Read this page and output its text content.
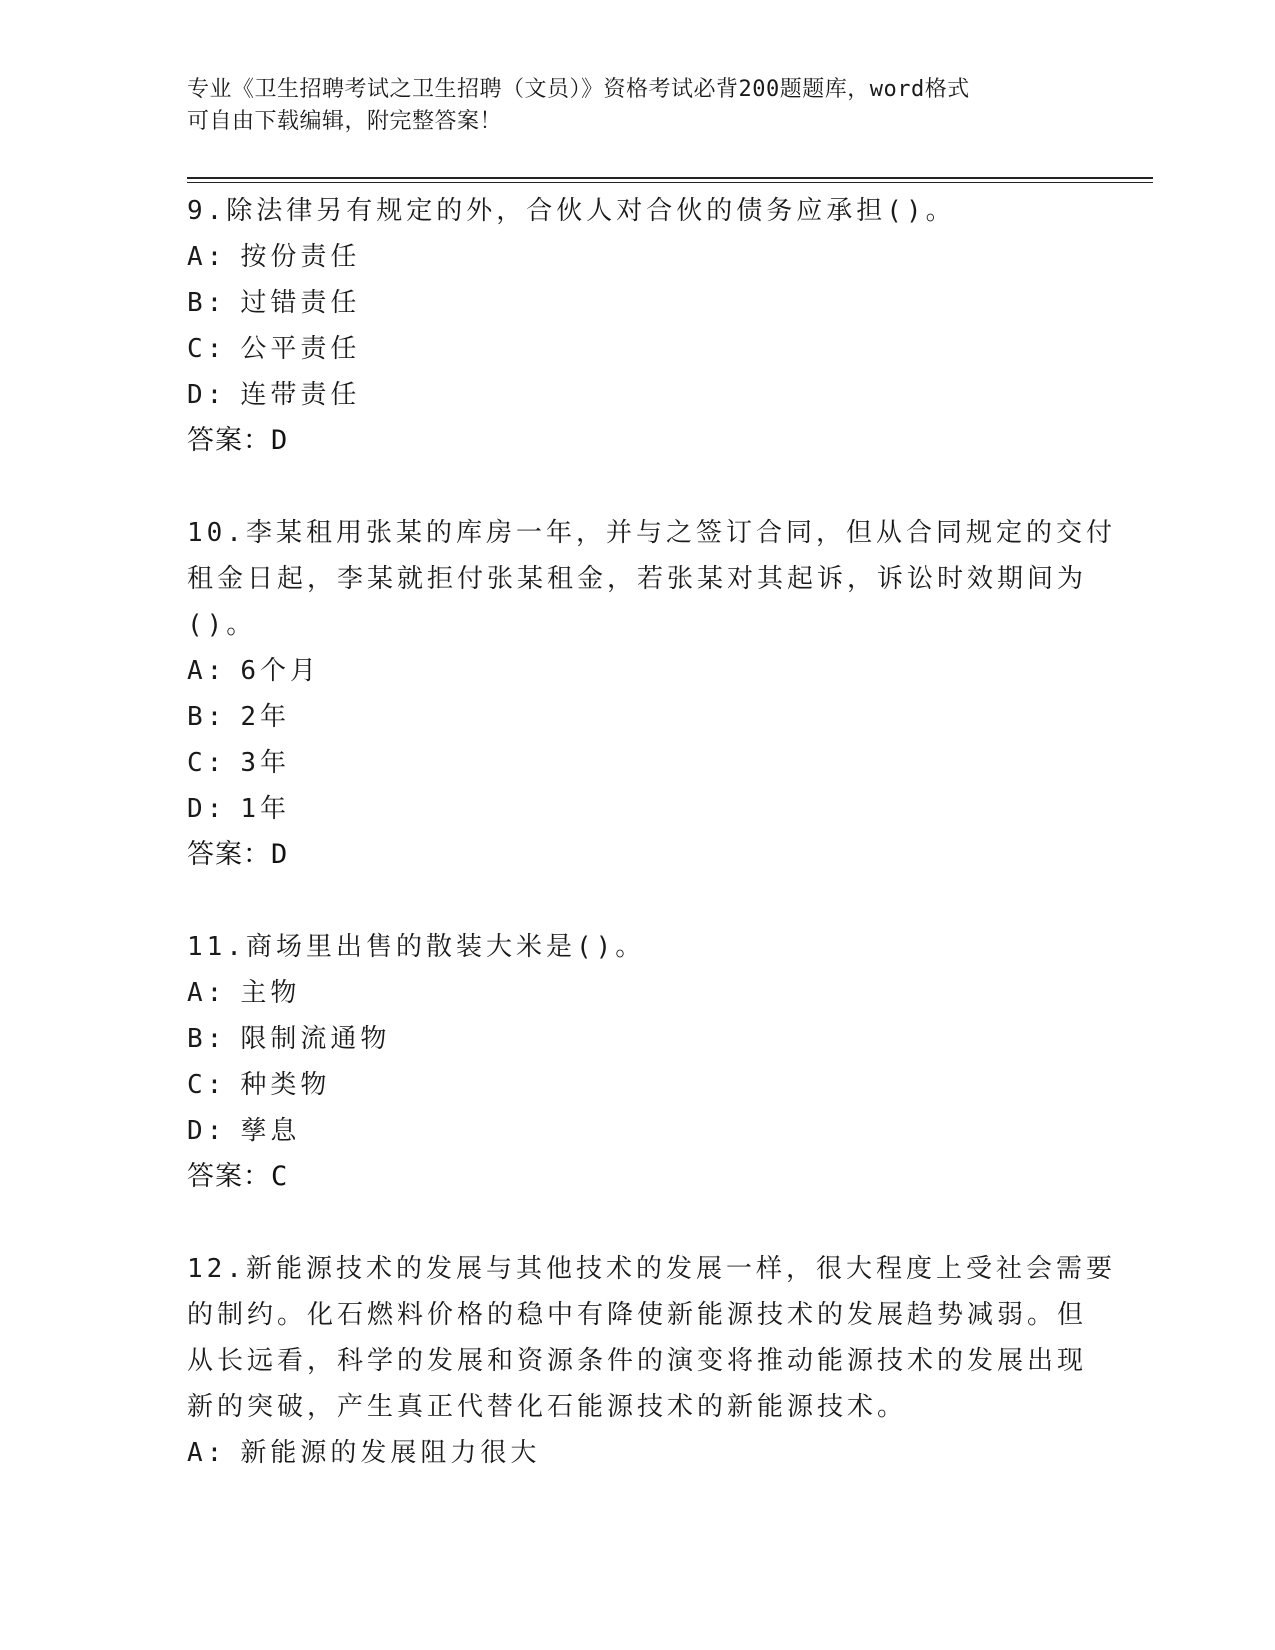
专业《卫生招聘考试之卫生招聘（文员）》资格考试必背200题题库，word格式
可自由下载编辑，附完整答案！
9.除法律另有规定的外，合伙人对合伙的债务应承担()。
A: 按份责任
B: 过错责任
C: 公平责任
D: 连带责任
答案：D
10.李某租用张某的库房一年，并与之签订合同，但从合同规定的交付
租金日起，李某就拒付张某租金，若张某对其起诉，诉讼时效期间为
()。
A: 6个月
B: 2年
C: 3年
D: 1年
答案：D
11.商场里出售的散装大米是()。
A: 主物
B: 限制流通物
C: 种类物
D: 孳息
答案：C
12.新能源技术的发展与其他技术的发展一样，很大程度上受社会需要
的制约。化石燃料价格的稳中有降使新能源技术的发展趋势减弱。但
从长远看，科学的发展和资源条件的演变将推动能源技术的发展出现
新的突破，产生真正代替化石能源技术的新能源技术。
A: 新能源的发展阻力很大
